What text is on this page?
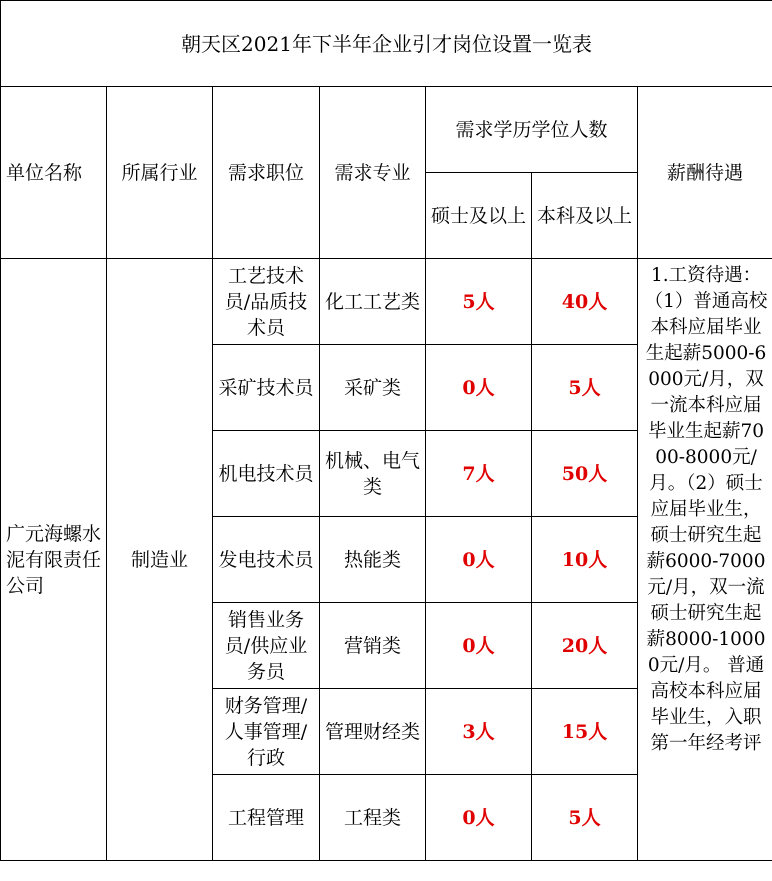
朝天区2021年下半年企业引才岗位设置一览表						
单位名称	所属行业	需求职位	需求专业	需求学历学位人数		薪酬待遇
				硕士及以上	本科及以上	
广元海螺水泥有限责任公司	制造业	工艺技术员/品质技术员	化工工艺类	5人	40人	1.工资待遇：（1）普通高校本科应届毕业生起薪5000-6000元/月，双一流本科应届毕业生起薪7000-8000元/月。（2）硕士应届毕业生，硕士研究生起薪6000-7000元/月，双一流硕士研究生起薪8000-10000元/月。 普通高校本科应届毕业生，入职第一年经考评

		采矿技术员	采矿类	0人	5人	
		机电技术员	机械、电气类	7人	50人	
		发电技术员	热能类	0人	10人	
		销售业务员/供应业务员	营销类	0人	20人	
		财务管理/人事管理/行政	管理财经类	3人	15人	
		工程管理	工程类	0人	5人	
